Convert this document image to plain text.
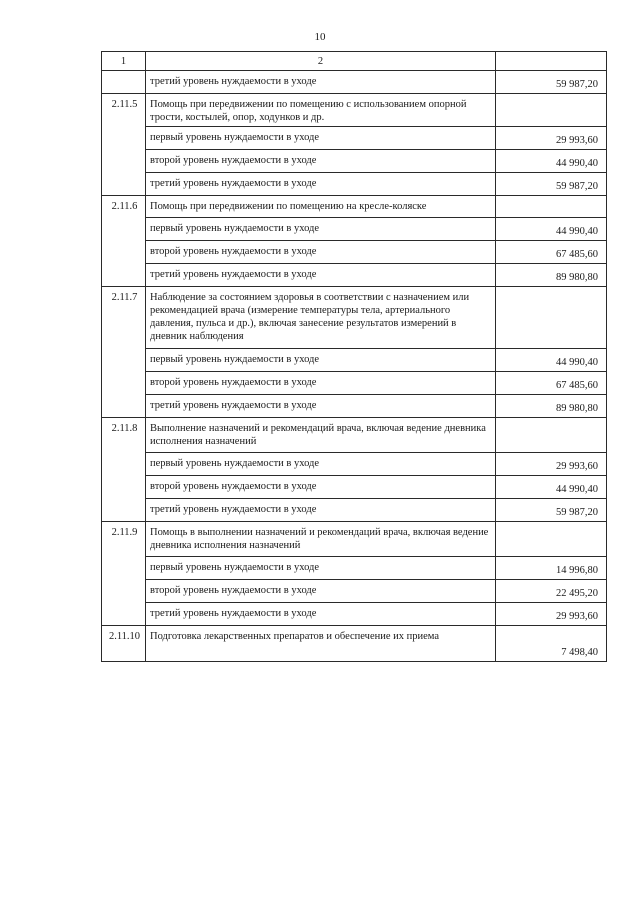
10
1	2	
	третий уровень нуждаемости в уходе	59 987,20
2.11.5	Помощь при передвижении по помещению с использованием опорной трости, костылей, опор, ходунков и др.	
	первый уровень нуждаемости в уходе	29 993,60
	второй уровень нуждаемости в уходе	44 990,40
	третий уровень нуждаемости в уходе	59 987,20
2.11.6	Помощь при передвижении по помещению на кресле-коляске	
	первый уровень нуждаемости в уходе	44 990,40
	второй уровень нуждаемости в уходе	67 485,60
	третий уровень нуждаемости в уходе	89 980,80
2.11.7	Наблюдение за состоянием здоровья в соответствии с назначением или рекомендацией врача (измерение температуры тела, артериального давления, пульса и др.), включая занесение результатов измерений в дневник наблюдения	
	первый уровень нуждаемости в уходе	44 990,40
	второй уровень нуждаемости в уходе	67 485,60
	третий уровень нуждаемости в уходе	89 980,80
2.11.8	Выполнение назначений и рекомендаций врача, включая ведение дневника исполнения назначений	
	первый уровень нуждаемости в уходе	29 993,60
	второй уровень нуждаемости в уходе	44 990,40
	третий уровень нуждаемости в уходе	59 987,20
2.11.9	Помощь в выполнении назначений и рекомендаций врача, включая ведение дневника исполнения назначений	
	первый уровень нуждаемости в уходе	14 996,80
	второй уровень нуждаемости в уходе	22 495,20
	третий уровень нуждаемости в уходе	29 993,60
2.11.10	Подготовка лекарственных препаратов и обеспечение их приема	7 498,40
